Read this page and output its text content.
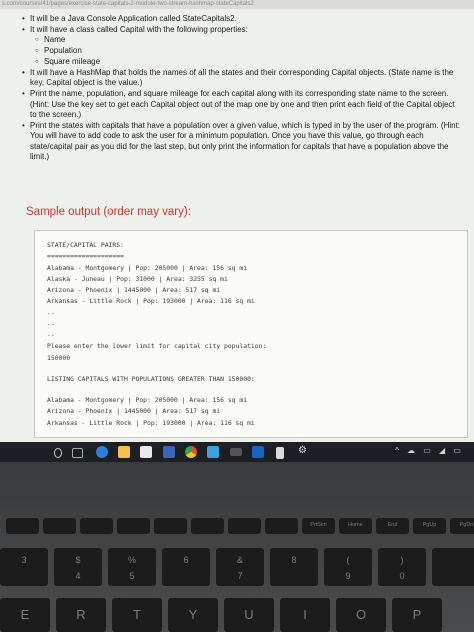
s.com/courses/41/pages/exercise-state-capitals-2-module-two-stream-hashmap-stateCapitals2
• It will be a Java Console Application called StateCapitals2.
• It will have a class called Capital with the following properties:
○ Name
○ Population
○ Square mileage
• It will have a HashMap that holds the names of all the states and their corresponding Capital objects. (State name is the key, Capital object is the value.)
• Print the name, population, and square mileage for each capital along with its corresponding state name to the screen. (Hint: Use the key set to get each Capital object out of the map one by one and then print each field of the Capital object to the screen.)
• Print the states with capitals that have a population over a given value, which is typed in by the user of the program. (Hint: You will have to add code to ask the user for a minimum population. Once you have this value, go through each state/capital pair as you did for the last step, but only print the information for capitals that have a population above the limit.)
Sample output (order may vary):
STATE/CAPITAL PAIRS:
====================
Alabama - Montgomery | Pop: 205000 | Area: 156 sq mi
Alaska - Juneau | Pop: 31000 | Area: 3255 sq mi
Arizona - Phoenix | 1445000 | Area: 517 sq mi
Arkansas - Little Rock | Pop: 193000 | Area: 116 sq mi
..
..
..
Please enter the lower limit for capital city population:
150000
LISTING CAPITALS WITH POPULATIONS GREATER THAN 150000:
Alabama - Montgomery | Pop: 205000 | Area: 156 sq mi
Arizona - Phoenix | 1445000 | Area: 517 sq mi
Arkansas - Little Rock | Pop: 193000 | Area: 116 sq mi
⚙	^ ☁ ▭ ◢ ▭
PrtScn	Home	End	PgUp	PgDn
3	$
4
%
5
6	&
7
8	(
9
)
0
E	R	T	Y	U	I	O	P
